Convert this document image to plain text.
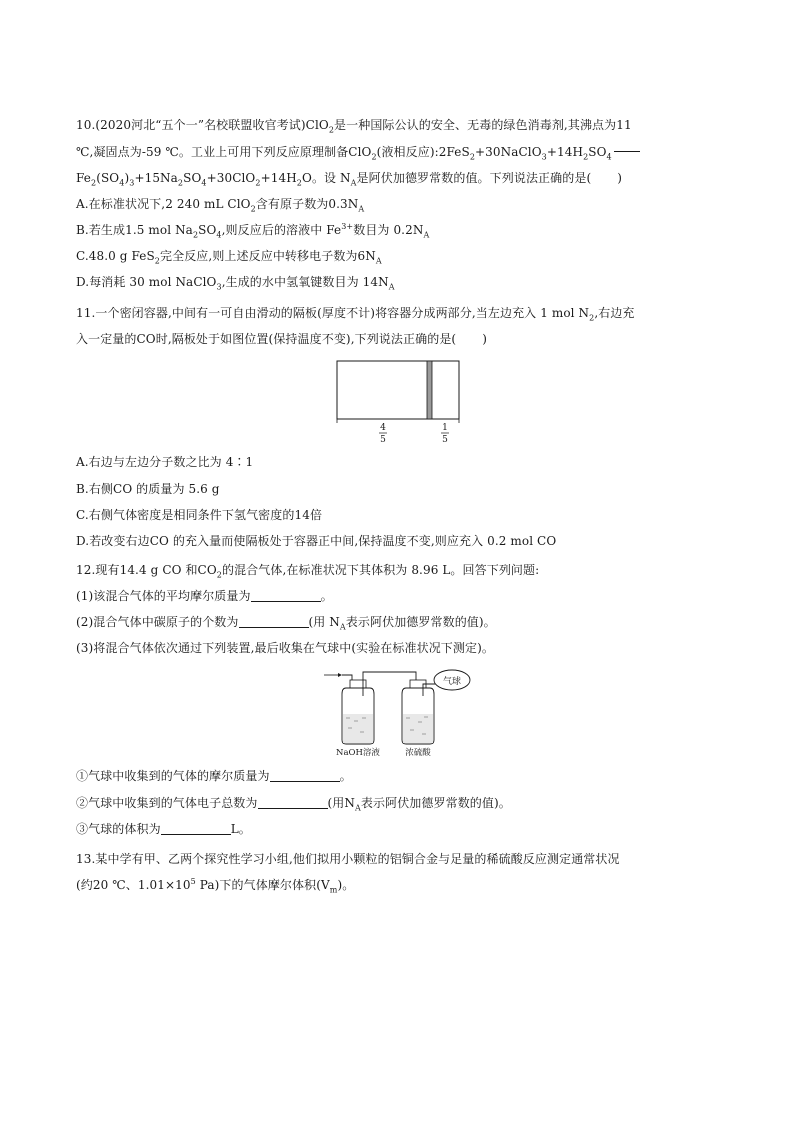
10.(2020河北“五个一”名校联盟收官考试)ClO$_2$是一种国际公认的安全、无毒的绿色消毒剂,其沸点为11
℃,凝固点为-59 ℃。工业上可用下列反应原理制备ClO$_2$(液相反应)$:2FeS_2+30NaClO_3+14H_2SO_4$
$Fe_2(SO_4)_3+15Na_2SO_4+30ClO_2+14H_2O$。设 $N_A$是阿伏加德罗常数的值。下列说法正确的是( )
A.在标准状况下,2 240 mL ClO$_2$含有原子数为$0.3N_A$
B.若生成1.5 mol $Na_2SO_4$,则反应后的溶液中 $Fe^{3+}$数目为 $0.2N_A$
C.48.0 g FeS$_2$完全反应,则上述反应中转移电子数为$6N_A$
D.每消耗 30 mol NaClO$_3$,生成的水中氢氧键数目为 $14N_A$
11.一个密闭容器,中间有一可自由滑动的隔板(厚度不计)将容器分成两部分,当左边充入 1 mol $N_2$,右边充
入一定量的CO时,隔板处于如图位置(保持温度不变),下列说法正确的是( )
4
5
1
5
A.右边与左边分子数之比为 4∶1
B.右侧CO 的质量为 5.6 g
C.右侧气体密度是相同条件下氢气密度的14倍
D.若改变右边CO 的充入量而使隔板处于容器正中间,保持温度不变,则应充入 0.2 mol CO
12.现有14.4 g CO 和$CO_2$的混合气体,在标准状况下其体积为 8.96 L。回答下列问题:
(1)该混合气体的平均摩尔质量为	。
(2)混合气体中碳原子的个数为	(用 $N_A$表示阿伏加德罗常数的值)。
(3)将混合气体依次通过下列装置,最后收集在气球中(实验在标准状况下测定)。
气球
NaOH溶液	浓硫酸
①气球中收集到的气体的摩尔质量为	。
②气球中收集到的气体电子总数为	(用$N_A$表示阿伏加德罗常数的值)。
③气球的体积为	L。
13.某中学有甲、乙两个探究性学习小组,他们拟用小颗粒的铝铜合金与足量的稀硫酸反应测定通常状况
(约20 ℃、$1.01\times 10^5$ Pa)下的气体摩尔体积$(V_m)$。
